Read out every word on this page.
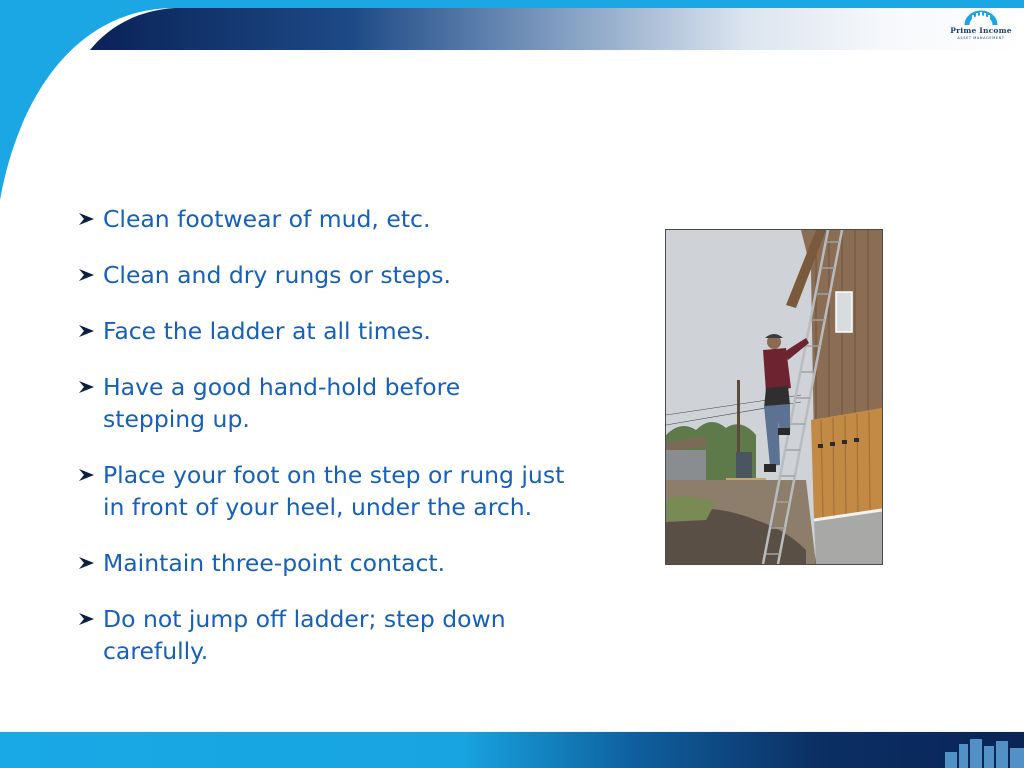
Prime Income
ASSET MANAGEMENT
Clean footwear of mud, etc.
Clean and dry rungs or steps.
Face the ladder at all times.
Have a good hand-hold before stepping up.
Place your foot on the step or rung just in front of your heel, under the arch.
Maintain three-point contact.
Do not jump off ladder; step down carefully.
